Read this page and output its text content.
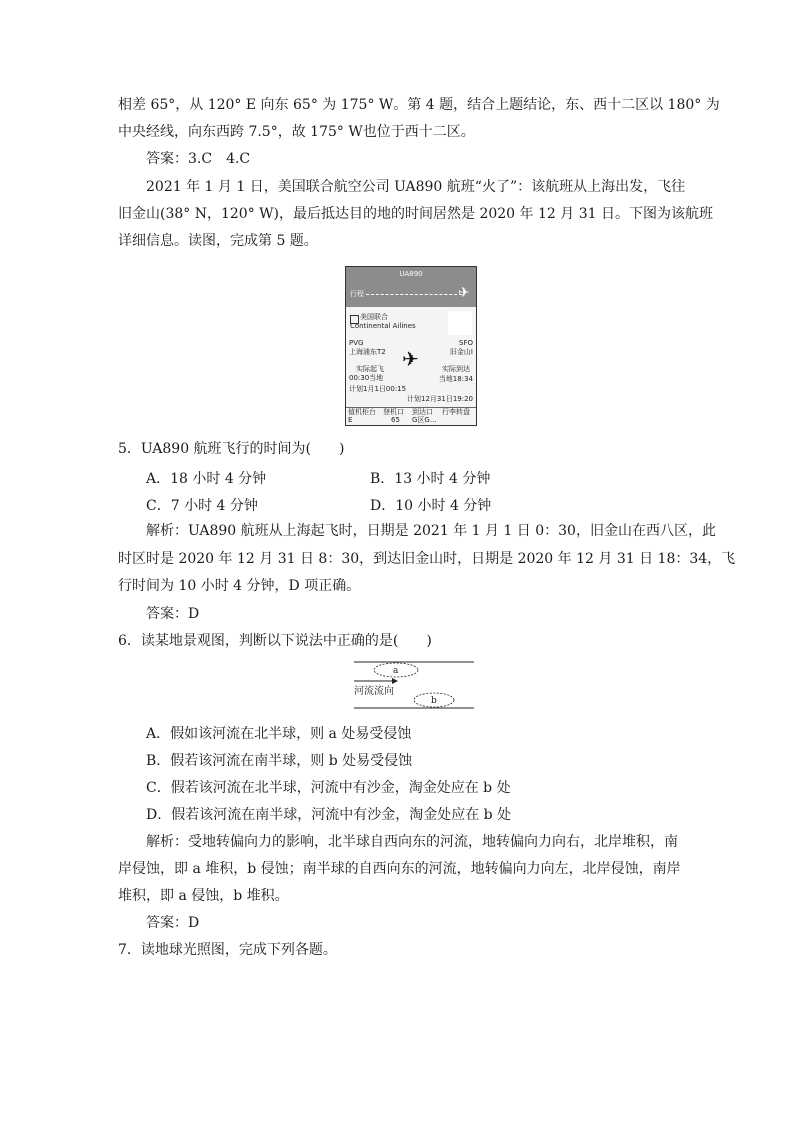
相差 65°，从 120° E 向东 65° 为 175° W。第 4 题，结合上题结论，东、西十二区以 180° 为

中央经线，向东西跨 7.5°，故 175° W也位于西十二区。

答案：3.C　4.C

2021 年 1 月 1 日，美国联合航空公司 UA890 航班“火了”：该航班从上海出发，飞往

旧金山(38° N，120° W)，最后抵达目的地的时间居然是 2020 年 12 月 31 日。下图为该航班

详细信息。读图，完成第 5 题。

UA890
行程	✈
美国联合
Continental Ailines
PVG
上海浦东T2
SFO
旧金山I
✈
实际起飞
00:30当地
实际到达
当地18:34
计划1月1日00:15
计划12月31日19:20
值机柜台
E
登机口
65
到达口
G区G...
行李转盘

5．UA890 航班飞行的时间为(　　)

A．18 小时 4 分钟	B．13 小时 4 分钟
C．7 小时 4 分钟	D．10 小时 4 分钟

解析：UA890 航班从上海起飞时，日期是 2021 年 1 月 1 日 0：30，旧金山在西八区，此

时区时是 2020 年 12 月 31 日 8：30，到达旧金山时，日期是 2020 年 12 月 31 日 18：34，飞

行时间为 10 小时 4 分钟，D 项正确。

答案：D

6．读某地景观图，判断以下说法中正确的是(　　)

a
b
河流流向

A．假如该河流在北半球，则 a 处易受侵蚀

B．假若该河流在南半球，则 b 处易受侵蚀

C．假若该河流在北半球，河流中有沙金，淘金处应在 b 处

D．假若该河流在南半球，河流中有沙金，淘金处应在 b 处

解析：受地转偏向力的影响，北半球自西向东的河流，地转偏向力向右，北岸堆积，南

岸侵蚀，即 a 堆积，b 侵蚀；南半球的自西向东的河流，地转偏向力向左，北岸侵蚀，南岸

堆积，即 a 侵蚀，b 堆积。

答案：D

7．读地球光照图，完成下列各题。
